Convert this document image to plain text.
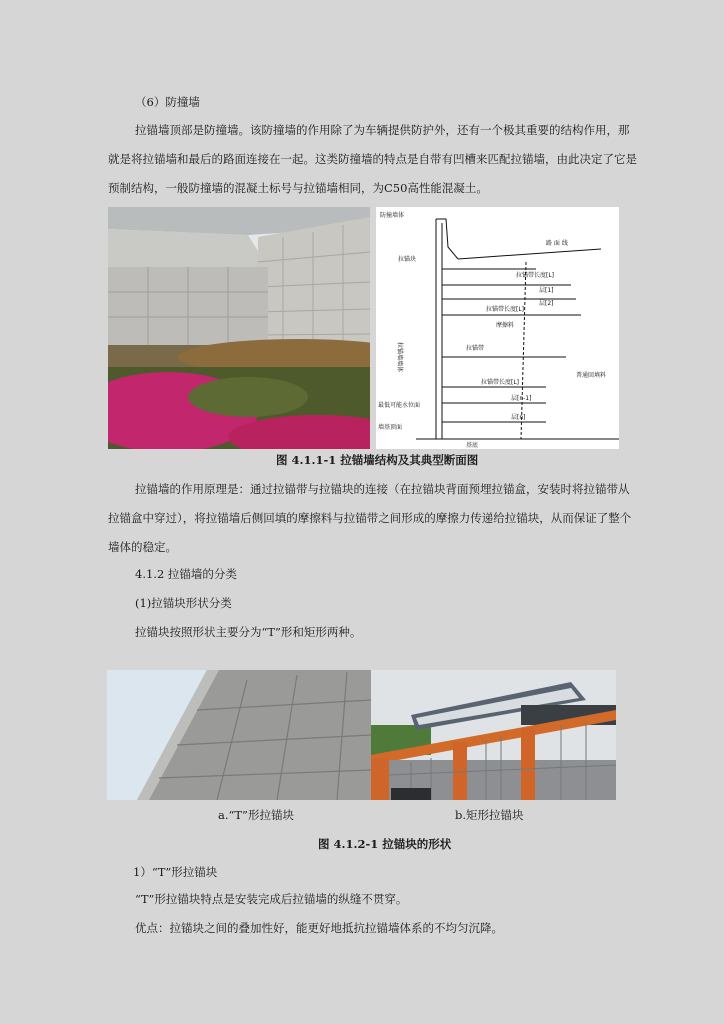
（6）防撞墙

拉锚墙顶部是防撞墙。该防撞墙的作用除了为车辆提供防护外，还有一个极其重要的结构作用，那就是将拉锚墙和最后的路面连接在一起。这类防撞墙的特点是自带有凹槽来匹配拉锚墙，由此决定了它是预制结构，一般防撞墙的混凝土标号与拉锚墙相同，为C50高性能混凝土。

防撞墙体
路 面 线
拉锚块
拉锚带长度[L]
层[1]
层[2]
拉锚带长度[L]
摩擦料
拉锚带
普通回填料
拉锚墙墙体
拉锚带长度[L]
层[n-1]
层[n]
最低可能水位面
墙基顶面
基底
图 4.1.1-1 拉锚墙结构及其典型断面图

拉锚墙的作用原理是：通过拉锚带与拉锚块的连接（在拉锚块背面预埋拉锚盒，安装时将拉锚带从拉锚盒中穿过），将拉锚墙后侧回填的摩擦料与拉锚带之间形成的摩擦力传递给拉锚块，从而保证了整个墙体的稳定。

4.1.2 拉锚墙的分类
(1)拉锚块形状分类
拉锚块按照形状主要分为“T”形和矩形两种。
a.“T”形拉锚块	b.矩形拉锚块
图 4.1.2-1 拉锚块的形状
1）“T”形拉锚块
“T”形拉锚块特点是安装完成后拉锚墙的纵缝不贯穿。
优点：拉锚块之间的叠加性好，能更好地抵抗拉锚墙体系的不均匀沉降。
